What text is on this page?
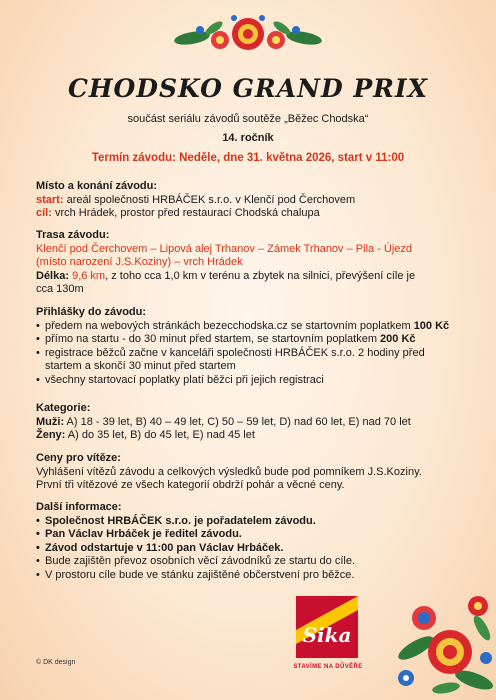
CHODSKO GRAND PRIX
součást seriálu závodů soutěže „Běžec Chodska“
14. ročník
Termín závodu: Neděle, dne 31. května 2026, start v 11:00
Místo a konání závodu:
start: areál společnosti HRBÁČEK s.r.o. v Klenčí pod Čerchovem
cíl: vrch Hrádek, prostor před restaurací Chodská chalupa
Trasa závodu:
Klenčí pod Čerchovem – Lipová alej Trhanov – Zámek Trhanov – Pila - Újezd
(místo narození J.S.Koziny) – vrch Hrádek
Délka: 9,6 km, z toho cca 1,0 km v terénu a zbytek na silnici, převýšení cíle je
cca 130m
Přihlášky do závodu:
• předem na webových stránkách bezecchodska.cz se startovním poplatkem 100 Kč
• přímo na startu - do 30 minut před startem, se startovním poplatkem 200 Kč
• registrace běžců začne v kanceláři společnosti HRBÁČEK s.r.o. 2 hodiny před
startem a skončí 30 minut před startem
• všechny startovací poplatky platí běžci při jejich registraci
Kategorie:
Muži: A) 18 - 39 let, B) 40 – 49 let, C) 50 – 59 let, D) nad 60 let, E) nad 70 let
Ženy: A) do 35 let, B) do 45 let, E) nad 45 let
Ceny pro vítěze:
Vyhlášení vítězů závodu a celkových výsledků bude pod pomníkem J.S.Koziny.
První tři vítězové ze všech kategorií obdrží pohár a věcné ceny.
Další informace:
• Společnost HRBÁČEK s.r.o. je pořadatelem závodu.
• Pan Václav Hrbáček je ředitel závodu.
• Závod odstartuje v 11:00 pan Václav Hrbáček.
• Bude zajištěn převoz osobních věcí závodníků ze startu do cíle.
• V prostoru cíle bude ve stánku zajištěné občerstvení pro běžce.
Sika
STAVÍME NA DŮVĚŘE
© DK design
